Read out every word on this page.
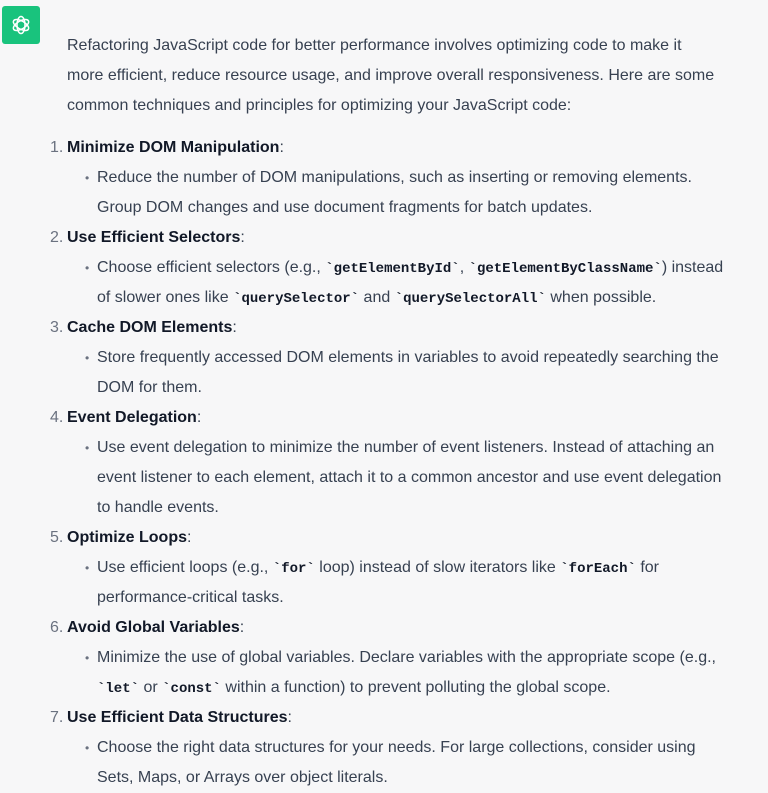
Refactoring JavaScript code for better performance involves optimizing code to make it
more efficient, reduce resource usage, and improve overall responsiveness. Here are some
common techniques and principles for optimizing your JavaScript code:
1. Minimize DOM Manipulation:
• Reduce the number of DOM manipulations, such as inserting or removing elements.
Group DOM changes and use document fragments for batch updates.
2. Use Efficient Selectors:
• Choose efficient selectors (e.g., `getElementById`, `getElementByClassName`) instead
of slower ones like `querySelector` and `querySelectorAll` when possible.
3. Cache DOM Elements:
• Store frequently accessed DOM elements in variables to avoid repeatedly searching the
DOM for them.
4. Event Delegation:
• Use event delegation to minimize the number of event listeners. Instead of attaching an
event listener to each element, attach it to a common ancestor and use event delegation
to handle events.
5. Optimize Loops:
• Use efficient loops (e.g., `for` loop) instead of slow iterators like `forEach` for
performance-critical tasks.
6. Avoid Global Variables:
• Minimize the use of global variables. Declare variables with the appropriate scope (e.g.,
`let` or `const` within a function) to prevent polluting the global scope.
7. Use Efficient Data Structures:
• Choose the right data structures for your needs. For large collections, consider using
Sets, Maps, or Arrays over object literals.
